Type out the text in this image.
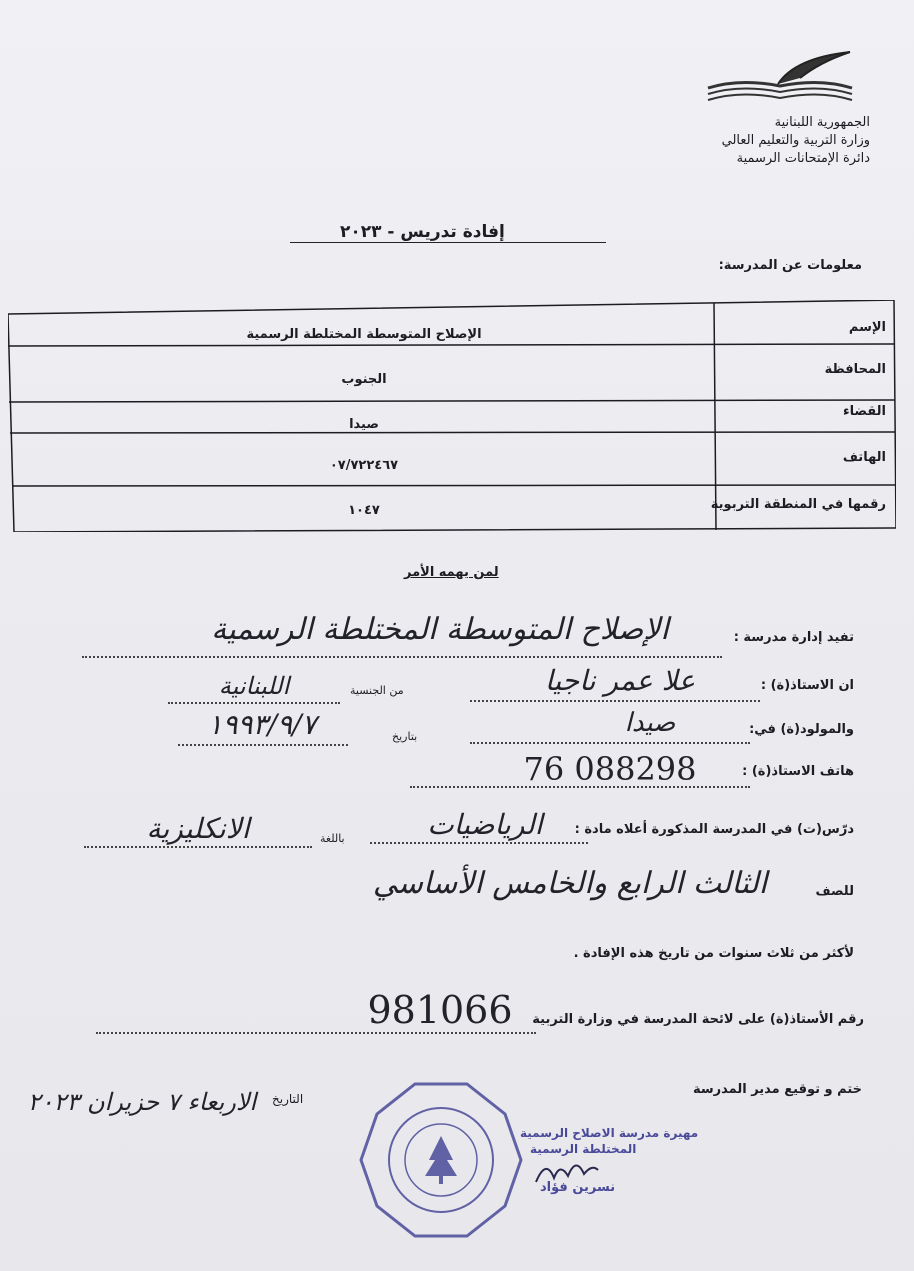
الجمهورية اللبنانية
وزارة التربية والتعليم العالي
دائرة الإمتحانات الرسمية
إفادة تدريس - ٢٠٢٣
معلومات عن المدرسة:
الإسم
الإصلاح المتوسطة المختلطة الرسمية
المحافظة
الجنوب
القضاء
صيدا
الهاتف
٠٧/٧٢٢٤٦٧
رقمها في المنطقة التربوية
١٠٤٧
لمن يهمه الأمر
تفيد إدارة مدرسة :
الإصلاح المتوسطة المختلطة الرسمية
ان الاستاذ(ة) :
علا عمر ناجيا
من الجنسية
اللبنانية
والمولود(ة) في:
صيدا
بتاريخ
١٩٩٣/٩/٧
هاتف الاستاذ(ة) :
76 088298
درّس(ت) في المدرسة المذكورة أعلاه مادة :
الرياضيات
باللغة
الانكليزية
للصف
الثالث الرابع والخامس الأساسي
لأكثر من ثلاث سنوات من تاريخ هذه الإفادة .
رقم الأستاذ(ة) على لائحة المدرسة في وزارة التربية
981066
ختم و توقيع مدير المدرسة
التاريخ
الاربعاء ٧ حزيران ٢٠٢٣
مهيرة مدرسة الاصلاح الرسمية
المختلطة الرسمية
نسرين فؤاد
